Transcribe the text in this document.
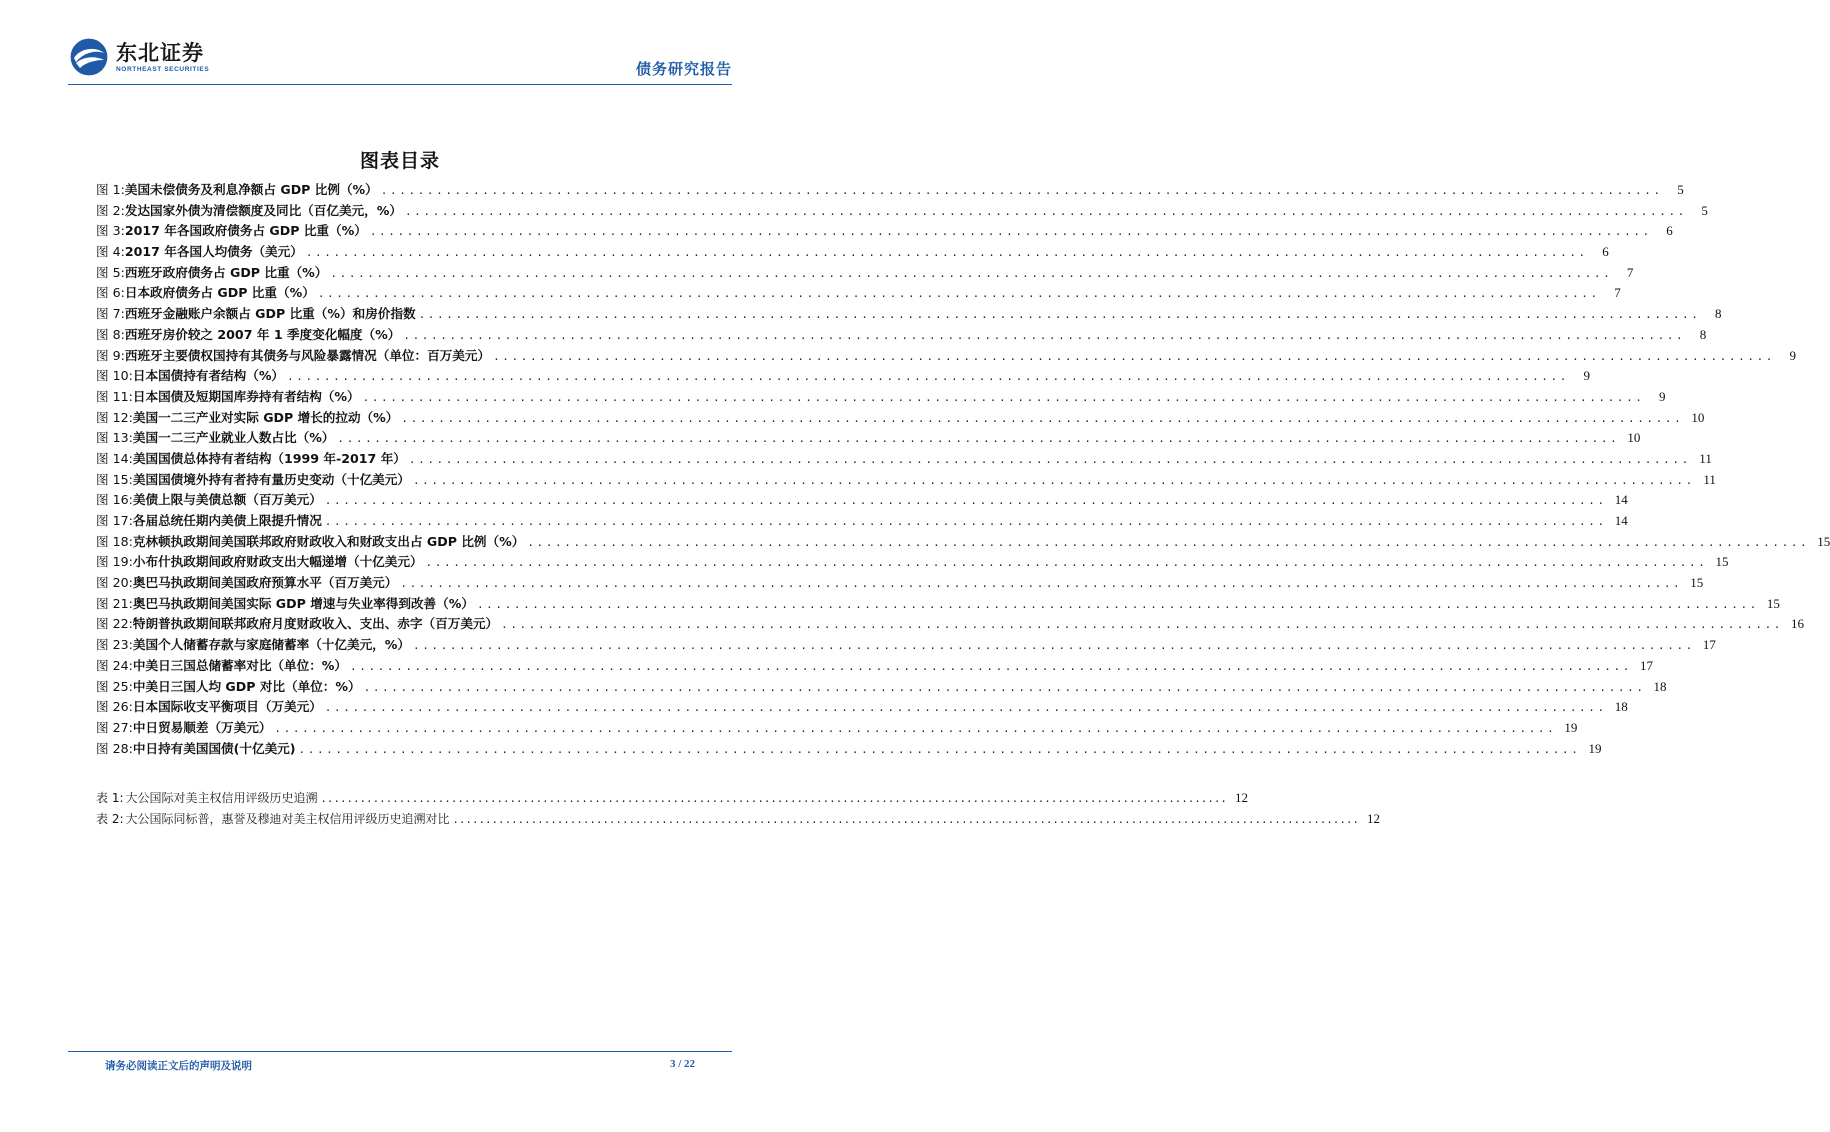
东北证券
NORTHEAST SECURITIES	债务研究报告
图表目录
图 1: 美国未偿债务及利息净额占 GDP 比例（%） .....	5
图 2: 发达国家外债为清偿额度及同比（百亿美元，%） .....	5
图 3: 2017 年各国政府债务占 GDP 比重（%） .....	6
图 4: 2017 年各国人均债务（美元） .....	6
图 5: 西班牙政府债务占 GDP 比重（%） .....	7
图 6: 日本政府债务占 GDP 比重（%） .....	7
图 7: 西班牙金融账户余额占 GDP 比重（%）和房价指数 .....	8
图 8: 西班牙房价较之 2007 年 1 季度变化幅度（%） .....	8
图 9: 西班牙主要债权国持有其债务与风险暴露情况（单位：百万美元） .....	9
图 10: 日本国债持有者结构（%） .....	9
图 11: 日本国债及短期国库券持有者结构（%） .....	9
图 12: 美国一二三产业对实际 GDP 增长的拉动（%） .....	10
图 13: 美国一二三产业就业人数占比（%） .....	10
图 14: 美国国债总体持有者结构（1999 年-2017 年） .....	11
图 15: 美国国债境外持有者持有量历史变动（十亿美元） .....	11
图 16: 美债上限与美债总额（百万美元） .....	14
图 17: 各届总统任期内美债上限提升情况 .....	14
图 18: 克林顿执政期间美国联邦政府财政收入和财政支出占 GDP 比例（%） .....	15
图 19: 小布什执政期间政府财政支出大幅递增（十亿美元） .....	15
图 20: 奥巴马执政期间美国政府预算水平（百万美元） .....	15
图 21: 奥巴马执政期间美国实际 GDP 增速与失业率得到改善（%） .....	15
图 22: 特朗普执政期间联邦政府月度财政收入、支出、赤字（百万美元） .....	16
图 23: 美国个人储蓄存款与家庭储蓄率（十亿美元，%） .....	17
图 24: 中美日三国总储蓄率对比（单位：%） .....	17
图 25: 中美日三国人均 GDP 对比（单位：%） .....	18
图 26: 日本国际收支平衡项目（万美元） .....	18
图 27: 中日贸易顺差（万美元） .....	19
图 28: 中日持有美国国债(十亿美元) .....	19
表 1: 大公国际对美主权信用评级历史追溯 .....	12
表 2: 大公国际同标普，惠誉及穆迪对美主权信用评级历史追溯对比 .....	12
请务必阅读正文后的声明及说明	3 / 22
